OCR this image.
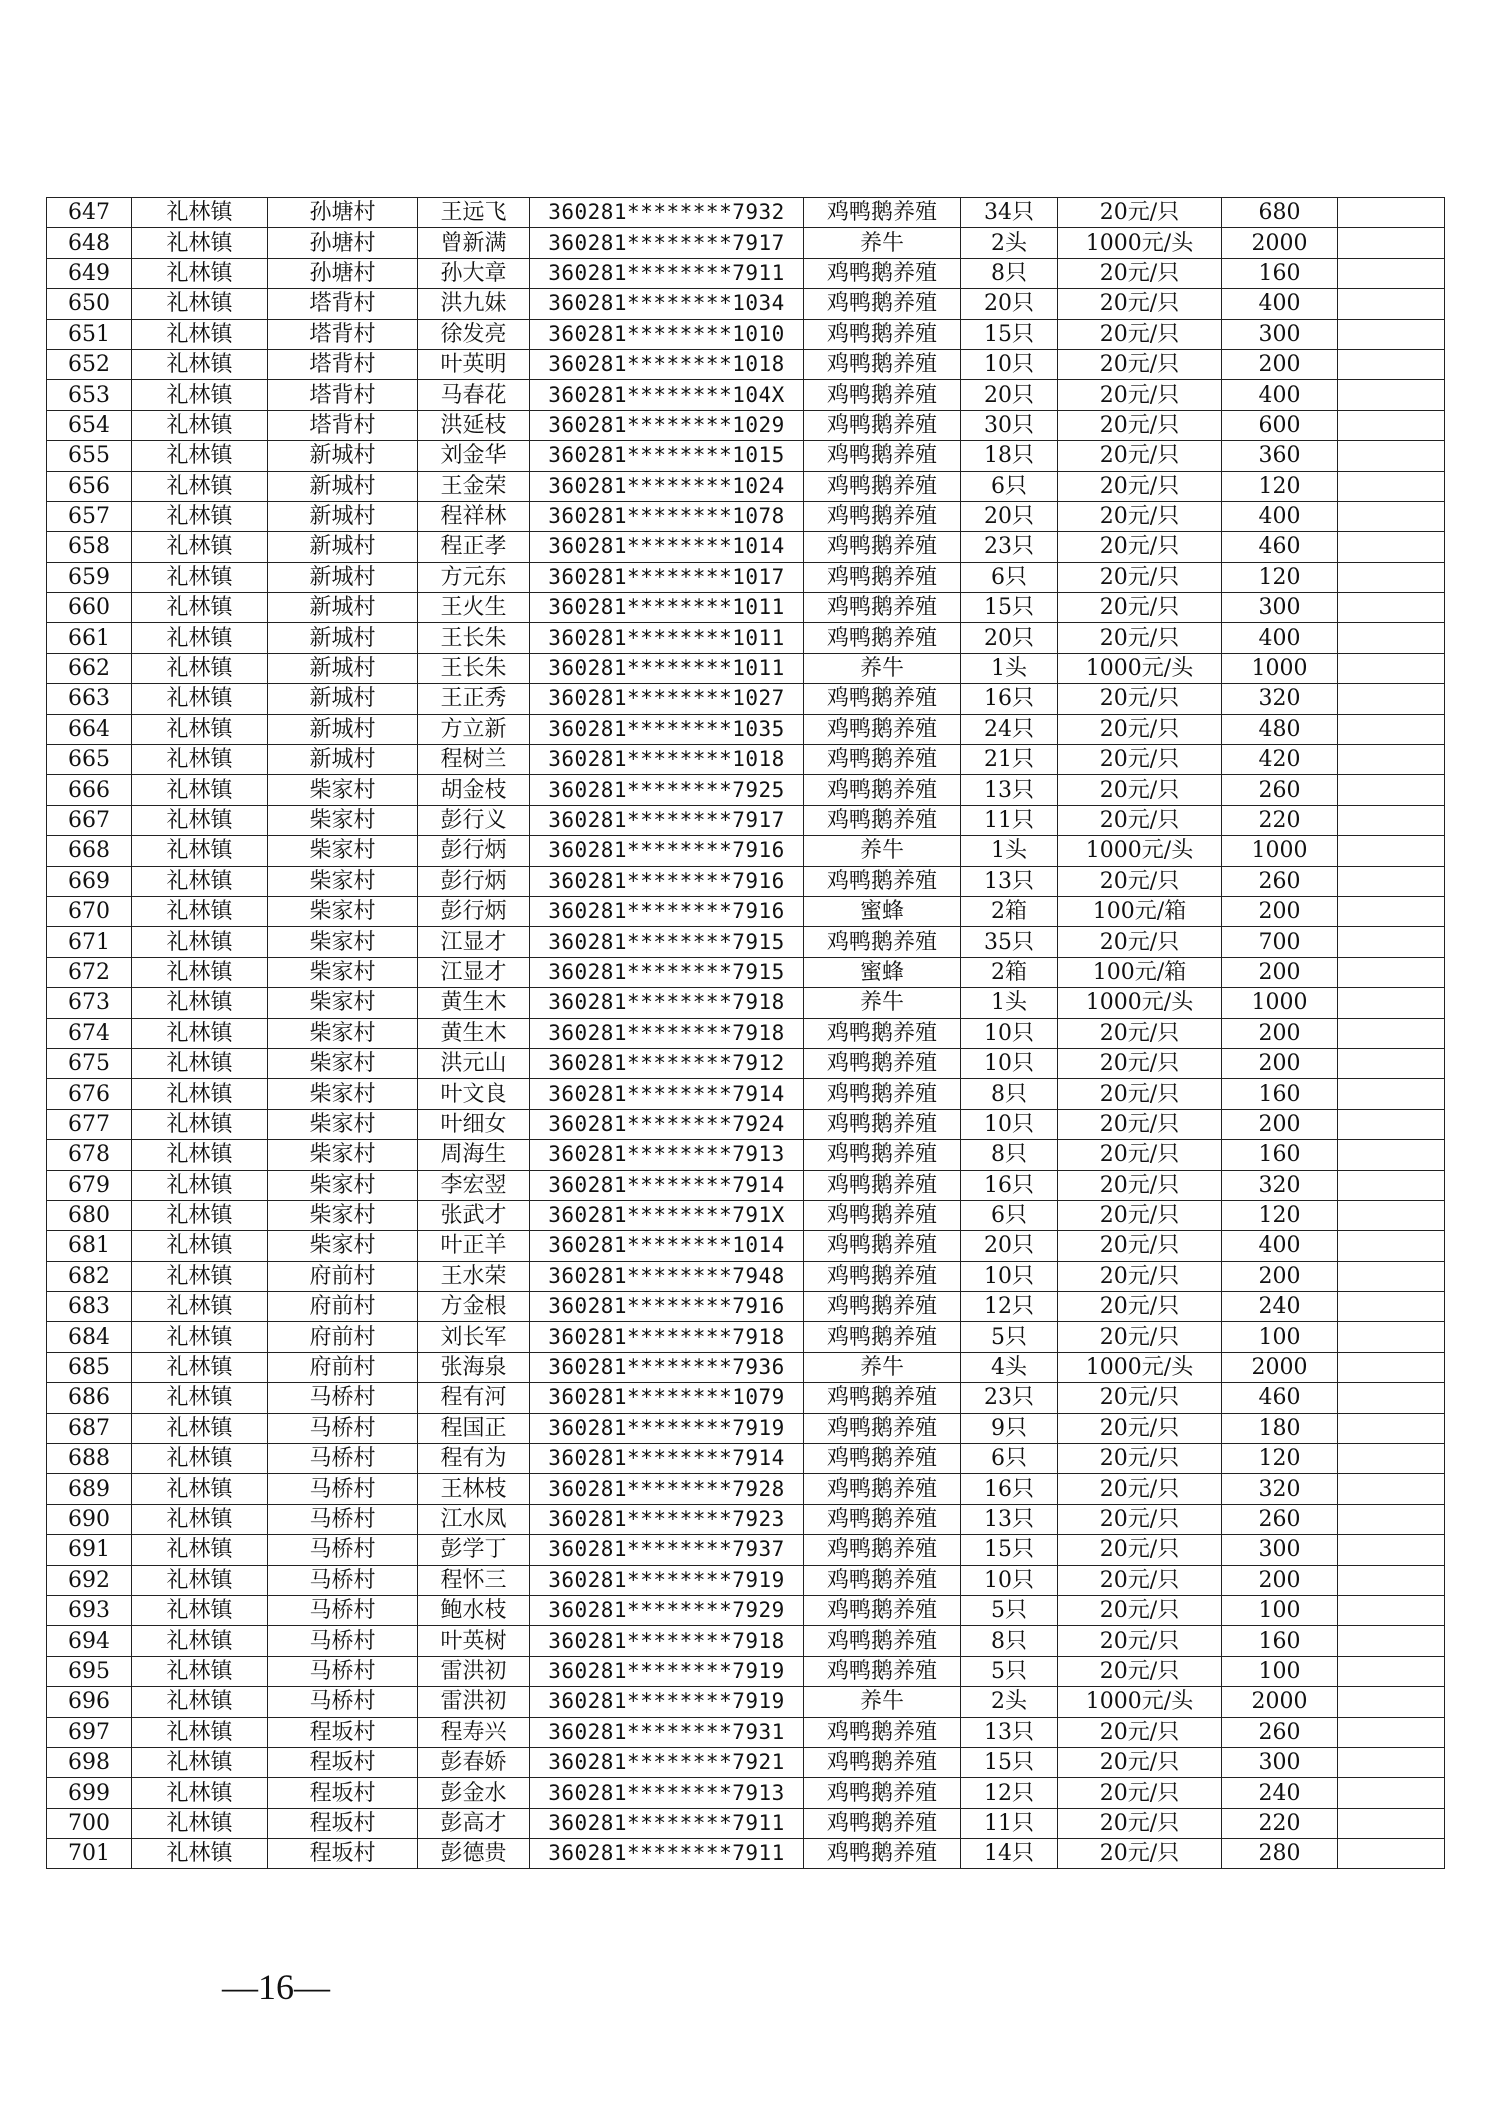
647	礼林镇	孙塘村	王远飞	360281********7932	鸡鸭鹅养殖	34只	20元/只	680	
648	礼林镇	孙塘村	曾新满	360281********7917	养牛	2头	1000元/头	2000	
649	礼林镇	孙塘村	孙大章	360281********7911	鸡鸭鹅养殖	8只	20元/只	160	
650	礼林镇	塔背村	洪九妹	360281********1034	鸡鸭鹅养殖	20只	20元/只	400	
651	礼林镇	塔背村	徐发亮	360281********1010	鸡鸭鹅养殖	15只	20元/只	300	
652	礼林镇	塔背村	叶英明	360281********1018	鸡鸭鹅养殖	10只	20元/只	200	
653	礼林镇	塔背村	马春花	360281********104X	鸡鸭鹅养殖	20只	20元/只	400	
654	礼林镇	塔背村	洪延枝	360281********1029	鸡鸭鹅养殖	30只	20元/只	600	
655	礼林镇	新城村	刘金华	360281********1015	鸡鸭鹅养殖	18只	20元/只	360	
656	礼林镇	新城村	王金荣	360281********1024	鸡鸭鹅养殖	6只	20元/只	120	
657	礼林镇	新城村	程祥林	360281********1078	鸡鸭鹅养殖	20只	20元/只	400	
658	礼林镇	新城村	程正孝	360281********1014	鸡鸭鹅养殖	23只	20元/只	460	
659	礼林镇	新城村	方元东	360281********1017	鸡鸭鹅养殖	6只	20元/只	120	
660	礼林镇	新城村	王火生	360281********1011	鸡鸭鹅养殖	15只	20元/只	300	
661	礼林镇	新城村	王长朱	360281********1011	鸡鸭鹅养殖	20只	20元/只	400	
662	礼林镇	新城村	王长朱	360281********1011	养牛	1头	1000元/头	1000	
663	礼林镇	新城村	王正秀	360281********1027	鸡鸭鹅养殖	16只	20元/只	320	
664	礼林镇	新城村	方立新	360281********1035	鸡鸭鹅养殖	24只	20元/只	480	
665	礼林镇	新城村	程树兰	360281********1018	鸡鸭鹅养殖	21只	20元/只	420	
666	礼林镇	柴家村	胡金枝	360281********7925	鸡鸭鹅养殖	13只	20元/只	260	
667	礼林镇	柴家村	彭行义	360281********7917	鸡鸭鹅养殖	11只	20元/只	220	
668	礼林镇	柴家村	彭行炳	360281********7916	养牛	1头	1000元/头	1000	
669	礼林镇	柴家村	彭行炳	360281********7916	鸡鸭鹅养殖	13只	20元/只	260	
670	礼林镇	柴家村	彭行炳	360281********7916	蜜蜂	2箱	100元/箱	200	
671	礼林镇	柴家村	江显才	360281********7915	鸡鸭鹅养殖	35只	20元/只	700	
672	礼林镇	柴家村	江显才	360281********7915	蜜蜂	2箱	100元/箱	200	
673	礼林镇	柴家村	黄生木	360281********7918	养牛	1头	1000元/头	1000	
674	礼林镇	柴家村	黄生木	360281********7918	鸡鸭鹅养殖	10只	20元/只	200	
675	礼林镇	柴家村	洪元山	360281********7912	鸡鸭鹅养殖	10只	20元/只	200	
676	礼林镇	柴家村	叶文良	360281********7914	鸡鸭鹅养殖	8只	20元/只	160	
677	礼林镇	柴家村	叶细女	360281********7924	鸡鸭鹅养殖	10只	20元/只	200	
678	礼林镇	柴家村	周海生	360281********7913	鸡鸭鹅养殖	8只	20元/只	160	
679	礼林镇	柴家村	李宏翌	360281********7914	鸡鸭鹅养殖	16只	20元/只	320	
680	礼林镇	柴家村	张武才	360281********791X	鸡鸭鹅养殖	6只	20元/只	120	
681	礼林镇	柴家村	叶正羊	360281********1014	鸡鸭鹅养殖	20只	20元/只	400	
682	礼林镇	府前村	王水荣	360281********7948	鸡鸭鹅养殖	10只	20元/只	200	
683	礼林镇	府前村	方金根	360281********7916	鸡鸭鹅养殖	12只	20元/只	240	
684	礼林镇	府前村	刘长军	360281********7918	鸡鸭鹅养殖	5只	20元/只	100	
685	礼林镇	府前村	张海泉	360281********7936	养牛	4头	1000元/头	2000	
686	礼林镇	马桥村	程有河	360281********1079	鸡鸭鹅养殖	23只	20元/只	460	
687	礼林镇	马桥村	程国正	360281********7919	鸡鸭鹅养殖	9只	20元/只	180	
688	礼林镇	马桥村	程有为	360281********7914	鸡鸭鹅养殖	6只	20元/只	120	
689	礼林镇	马桥村	王林枝	360281********7928	鸡鸭鹅养殖	16只	20元/只	320	
690	礼林镇	马桥村	江水凤	360281********7923	鸡鸭鹅养殖	13只	20元/只	260	
691	礼林镇	马桥村	彭学丁	360281********7937	鸡鸭鹅养殖	15只	20元/只	300	
692	礼林镇	马桥村	程怀三	360281********7919	鸡鸭鹅养殖	10只	20元/只	200	
693	礼林镇	马桥村	鲍水枝	360281********7929	鸡鸭鹅养殖	5只	20元/只	100	
694	礼林镇	马桥村	叶英树	360281********7918	鸡鸭鹅养殖	8只	20元/只	160	
695	礼林镇	马桥村	雷洪初	360281********7919	鸡鸭鹅养殖	5只	20元/只	100	
696	礼林镇	马桥村	雷洪初	360281********7919	养牛	2头	1000元/头	2000	
697	礼林镇	程坂村	程寿兴	360281********7931	鸡鸭鹅养殖	13只	20元/只	260	
698	礼林镇	程坂村	彭春娇	360281********7921	鸡鸭鹅养殖	15只	20元/只	300	
699	礼林镇	程坂村	彭金水	360281********7913	鸡鸭鹅养殖	12只	20元/只	240	
700	礼林镇	程坂村	彭高才	360281********7911	鸡鸭鹅养殖	11只	20元/只	220	
701	礼林镇	程坂村	彭德贵	360281********7911	鸡鸭鹅养殖	14只	20元/只	280	
—16—
